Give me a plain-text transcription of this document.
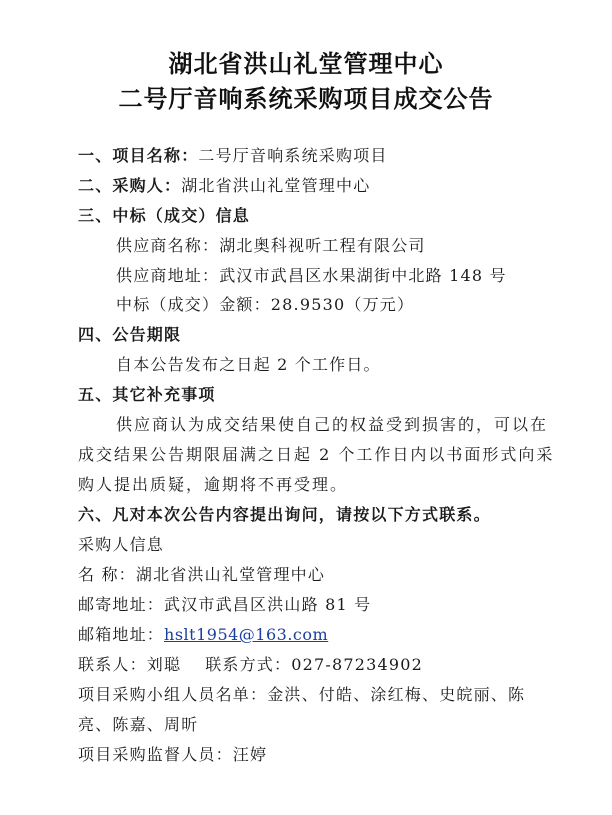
湖北省洪山礼堂管理中心
二号厅音响系统采购项目成交公告
一、项目名称：二号厅音响系统采购项目
二、采购人：湖北省洪山礼堂管理中心
三、中标（成交）信息
供应商名称：湖北奥科视听工程有限公司
供应商地址：武汉市武昌区水果湖街中北路 148 号
中标（成交）金额：28.9530（万元）
四、公告期限
自本公告发布之日起 2 个工作日。
五、其它补充事项
供应商认为成交结果使自己的权益受到损害的，可以在
成交结果公告期限届满之日起 2 个工作日内以书面形式向采
购人提出质疑，逾期将不再受理。
六、凡对本次公告内容提出询问，请按以下方式联系。
采购人信息
名 称：湖北省洪山礼堂管理中心
邮寄地址：武汉市武昌区洪山路 81 号
邮箱地址：hslt1954@163.com
联系人：刘聪 联系方式：027-87234902
项目采购小组人员名单：金洪、付皓、涂红梅、史皖丽、陈
亮、陈嘉、周昕
项目采购监督人员：汪婷
